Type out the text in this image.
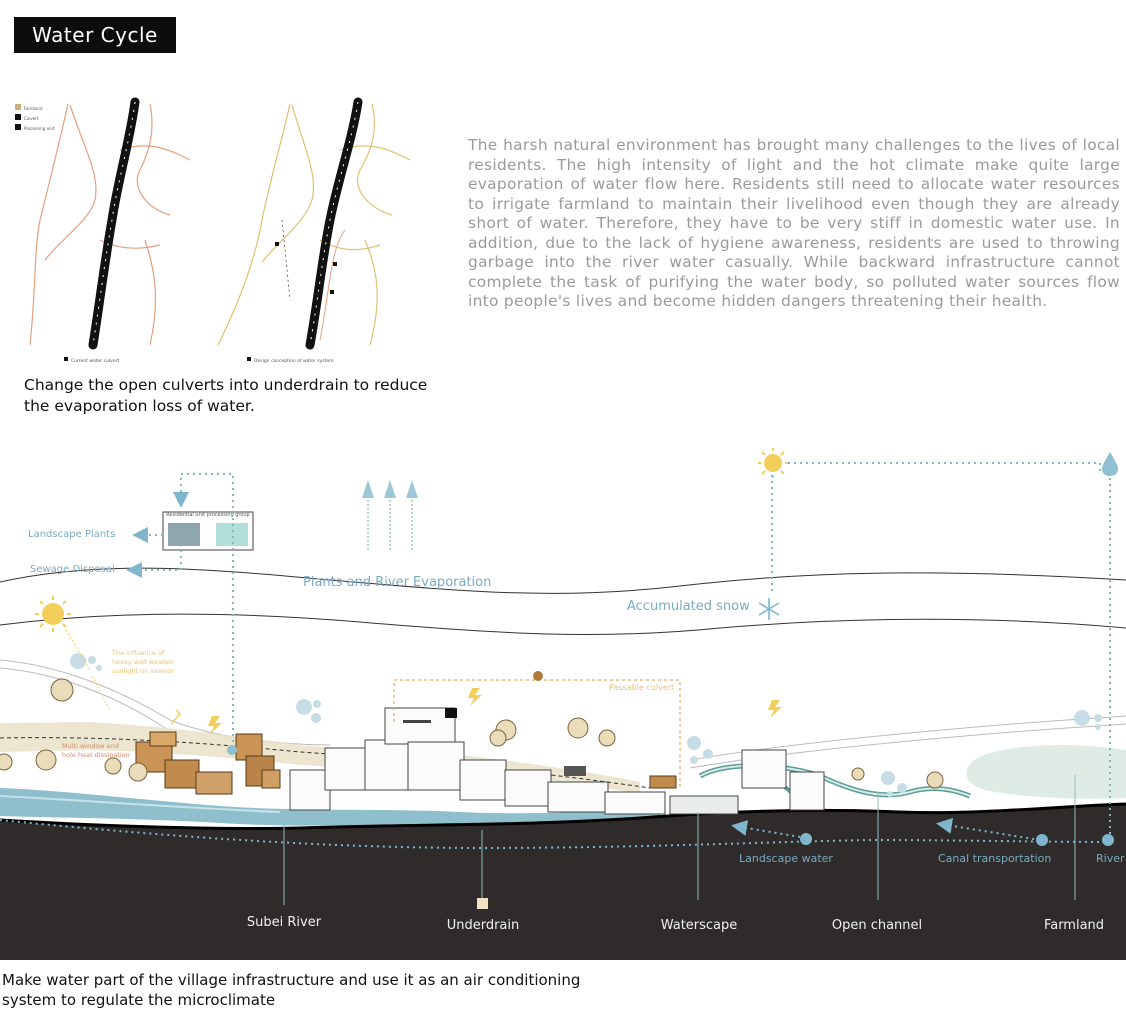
Water Cycle
The harsh natural environment has brought many challenges to the lives of local residents. The high intensity of light and the hot climate make quite large evaporation of water flow here. Residents still need to allocate water resources to irrigate farmland to maintain their livelihood even though they are already short of water. Therefore, they have to be very stiff in domestic water use. In addition, due to the lack of hygiene awareness, residents are used to throwing garbage into the river water casually. While backward infrastructure cannot complete the task of purifying the water body, so polluted water sources flow into people's lives and become hidden dangers threatening their health.
Change the open culverts into underdrain to reduce the evaporation loss of water.
Make water part of the village infrastructure and use it as an air conditioning system to regulate the microclimate
Farmland
Culvert
Processing unit
Current water culvert	Design conception of water system
Residential unit processing group
Landscape Plants
Sewage Disposal
Plants and River Evaporation
Accumulated snow
Passable culvert
The influence of
heavy wall weaken
sunlight on interior
Multi window and
hole heat dissipation
Landscape water	Canal transportation	River
Subei River	Underdrain	Waterscape	Open channel	Farmland
